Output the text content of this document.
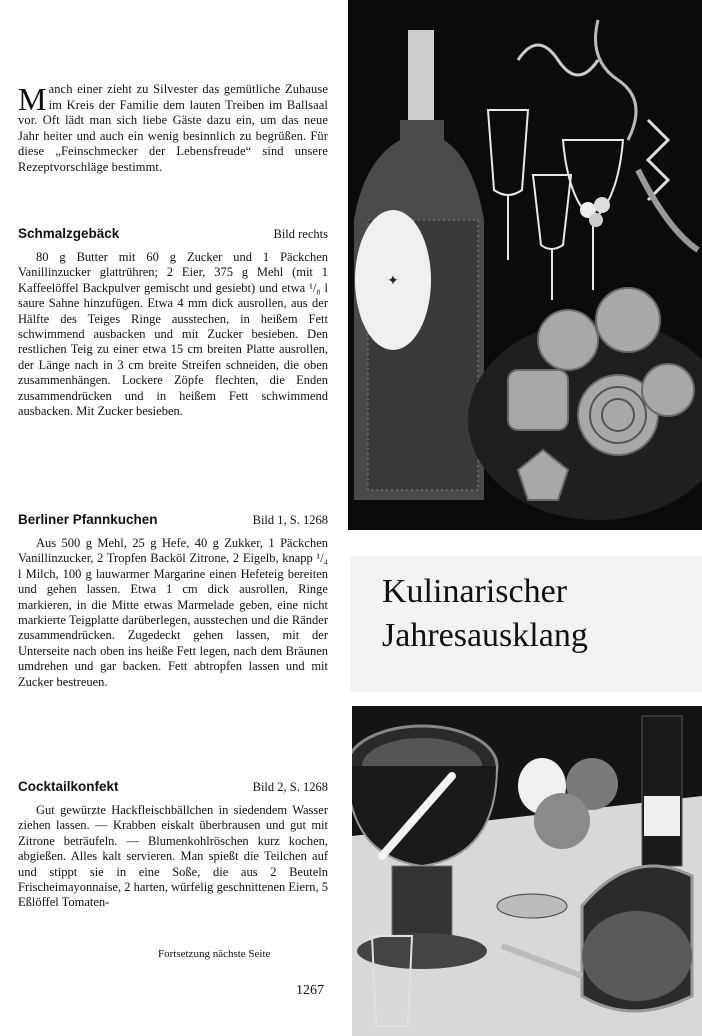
Manch einer zieht zu Silvester das gemütliche Zuhause im Kreis der Familie dem lauten Treiben im Ballsaal vor. Oft lädt man sich liebe Gäste dazu ein, um das neue Jahr heiter und auch ein wenig besinnlich zu begrüßen. Für diese „Feinschmecker der Lebensfreude“ sind unsere Rezeptvorschläge bestimmt.
Schmalzgebäck	Bild rechts

80 g Butter mit 60 g Zucker und 1 Päckchen Vanillinzucker glattrühren; 2 Eier, 375 g Mehl (mit 1 Kaffeelöffel Backpulver gemischt und gesiebt) und etwa ¹/₈ l saure Sahne hinzufügen. Etwa 4 mm dick ausrollen, aus der Hälfte des Teiges Ringe ausstechen, in heißem Fett schwimmend ausbacken und mit Zucker besieben. Den restlichen Teig zu einer etwa 15 cm breiten Platte ausrollen, der Länge nach in 3 cm breite Streifen schneiden, die oben zusammenhängen. Lockere Zöpfe flechten, die Enden zusammendrücken und in heißem Fett schwimmend ausbacken. Mit Zucker besieben.

Berliner Pfannkuchen	Bild 1, S. 1268

Aus 500 g Mehl, 25 g Hefe, 40 g Zukker, 1 Päckchen Vanillinzucker, 2 Tropfen Backöl Zitrone, 2 Eigelb, knapp ¹/₄ l Milch, 100 g lauwarmer Margarine einen Hefeteig bereiten und gehen lassen. Etwa 1 cm dick ausrollen, Ringe markieren, in die Mitte etwas Marmelade geben, eine nicht markierte Teigplatte darüberlegen, ausstechen und die Ränder zusammendrücken. Zugedeckt gehen lassen, mit der Unterseite nach oben ins heiße Fett legen, nach dem Bräunen umdrehen und gar backen. Fett abtropfen lassen und mit Zucker bestreuen.

Cocktailkonfekt	Bild 2, S. 1268

Gut gewürzte Hackfleischbällchen in siedendem Wasser ziehen lassen. — Krabben eiskalt überbrausen und gut mit Zitrone beträufeln. — Blumenkohlröschen kurz kochen, abgießen. Alles kalt servieren. Man spießt die Teilchen auf und stippt sie in eine Soße, die aus 2 Beuteln Frischeimayonnaise, 2 harten, würfelig geschnittenen Eiern, 5 Eßlöffel Tomaten-

Fortsetzung nächste Seite
1267
✦
Kulinarischer
Jahresausklang
